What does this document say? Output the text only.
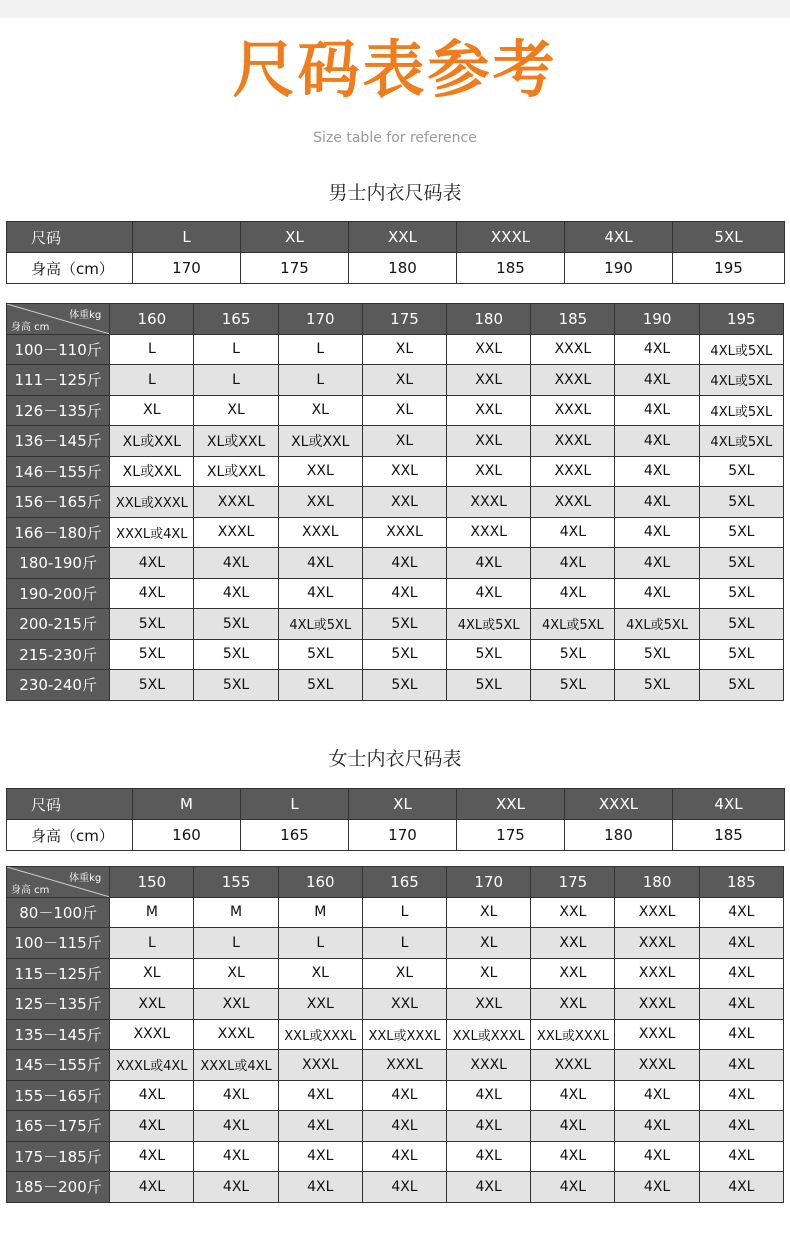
尺码表参考
Size table for reference
男士内衣尺码表
尺码	L	XL	XXL	XXXL	4XL	5XL
身高（cm）	170	175	180	185	190	195
体重kg
身高 cm	160	165	170	175	180	185	190	195
100－110斤	L	L	L	XL	XXL	XXXL	4XL	4XL或5XL
111－125斤	L	L	L	XL	XXL	XXXL	4XL	4XL或5XL
126－135斤	XL	XL	XL	XL	XXL	XXXL	4XL	4XL或5XL
136－145斤	XL或XXL	XL或XXL	XL或XXL	XL	XXL	XXXL	4XL	4XL或5XL
146－155斤	XL或XXL	XL或XXL	XXL	XXL	XXL	XXXL	4XL	5XL
156－165斤	XXL或XXXL	XXXL	XXL	XXL	XXXL	XXXL	4XL	5XL
166－180斤	XXXL或4XL	XXXL	XXXL	XXXL	XXXL	4XL	4XL	5XL
180-190斤	4XL	4XL	4XL	4XL	4XL	4XL	4XL	5XL
190-200斤	4XL	4XL	4XL	4XL	4XL	4XL	4XL	5XL
200-215斤	5XL	5XL	4XL或5XL	5XL	4XL或5XL	4XL或5XL	4XL或5XL	5XL
215-230斤	5XL	5XL	5XL	5XL	5XL	5XL	5XL	5XL
230-240斤	5XL	5XL	5XL	5XL	5XL	5XL	5XL	5XL
女士内衣尺码表
尺码	M	L	XL	XXL	XXXL	4XL
身高（cm）	160	165	170	175	180	185
体重kg
身高 cm	150	155	160	165	170	175	180	185
80－100斤	M	M	M	L	XL	XXL	XXXL	4XL
100－115斤	L	L	L	L	XL	XXL	XXXL	4XL
115－125斤	XL	XL	XL	XL	XL	XXL	XXXL	4XL
125－135斤	XXL	XXL	XXL	XXL	XXL	XXL	XXXL	4XL
135－145斤	XXXL	XXXL	XXL或XXXL	XXL或XXXL	XXL或XXXL	XXL或XXXL	XXXL	4XL
145－155斤	XXXL或4XL	XXXL或4XL	XXXL	XXXL	XXXL	XXXL	XXXL	4XL
155－165斤	4XL	4XL	4XL	4XL	4XL	4XL	4XL	4XL
165－175斤	4XL	4XL	4XL	4XL	4XL	4XL	4XL	4XL
175－185斤	4XL	4XL	4XL	4XL	4XL	4XL	4XL	4XL
185－200斤	4XL	4XL	4XL	4XL	4XL	4XL	4XL	4XL
